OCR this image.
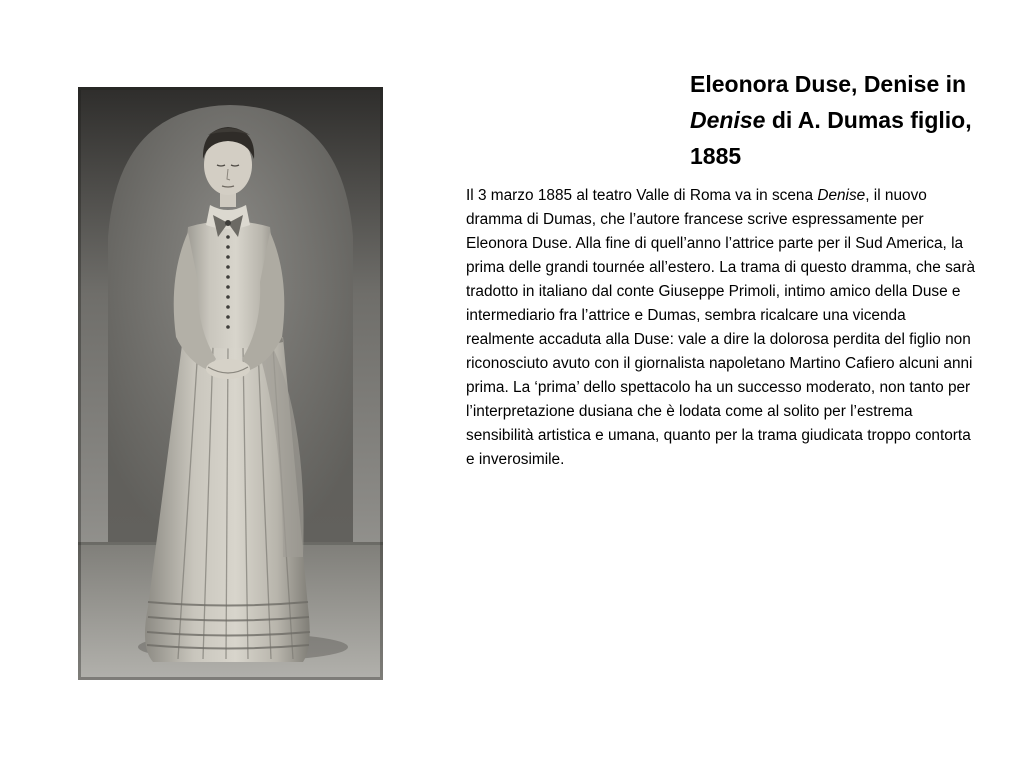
Eleonora Duse, Denise in Denise di A. Dumas figlio, 1885

Il 3 marzo 1885 al teatro Valle di Roma va in scena Denise, il nuovo dramma di Dumas, che l’autore francese scrive espressamente per Eleonora Duse. Alla fine di quell’anno l’attrice parte per il Sud America, la prima delle grandi tournée all’estero. La trama di questo dramma, che sarà tradotto in italiano dal conte Giuseppe Primoli, intimo amico della Duse e intermediario fra l’attrice e Dumas, sembra ricalcare una vicenda realmente accaduta alla Duse: vale a dire la dolorosa perdita del figlio non riconosciuto avuto con il giornalista napoletano Martino Cafiero alcuni anni prima. La ‘prima’ dello spettacolo ha un successo moderato, non tanto per l’interpretazione dusiana che è lodata come al solito per l’estrema sensibilità artistica e umana, quanto per la trama giudicata troppo contorta e inverosimile.
